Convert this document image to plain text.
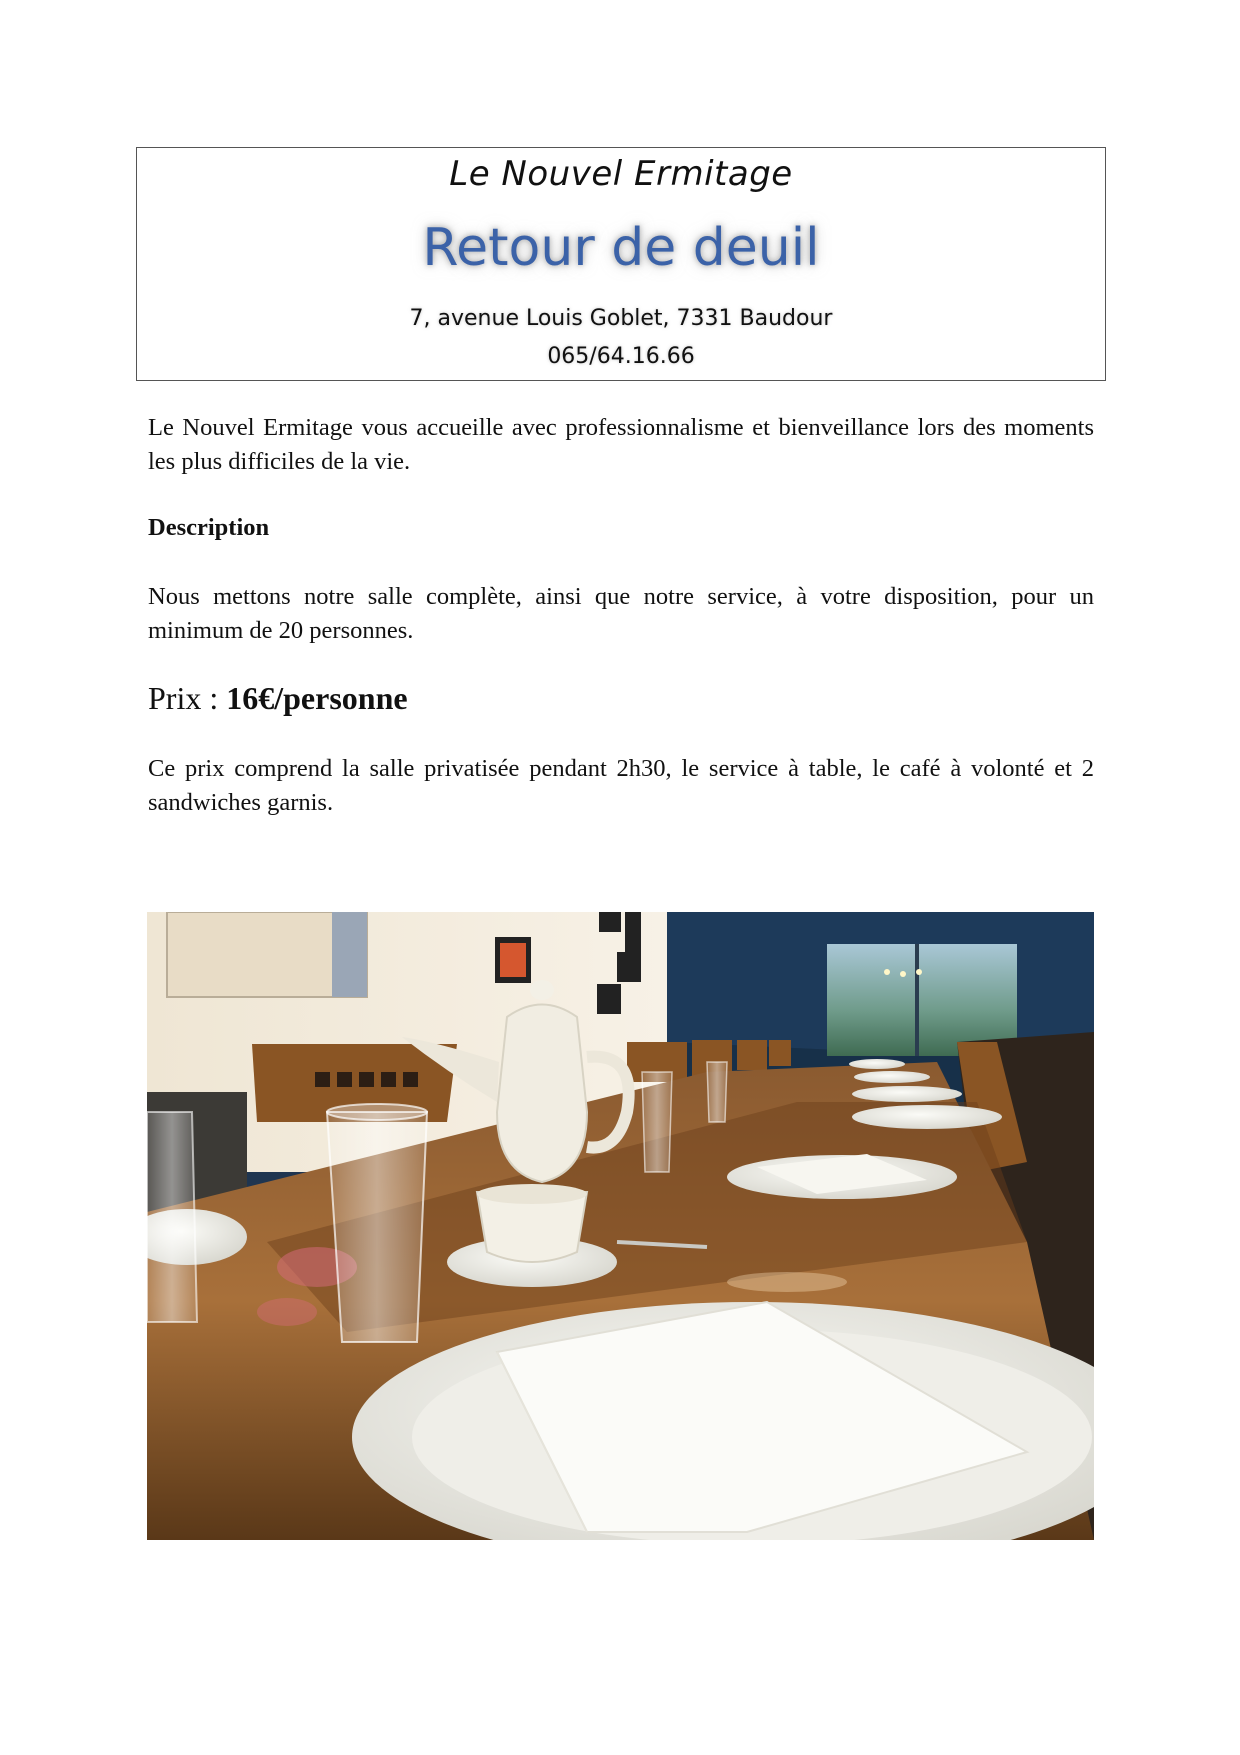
Le Nouvel Ermitage
Retour de deuil
7, avenue Louis Goblet, 7331 Baudour
065/64.16.66
Le Nouvel Ermitage vous accueille avec professionnalisme et bienveillance lors des moments les plus difficiles de la vie.
Description
Nous mettons notre salle complète, ainsi que notre service, à votre disposition, pour un minimum de 20 personnes.
Prix : 16€/personne
Ce prix comprend la salle privatisée pendant 2h30, le service à table, le café à volonté et 2 sandwiches garnis.
